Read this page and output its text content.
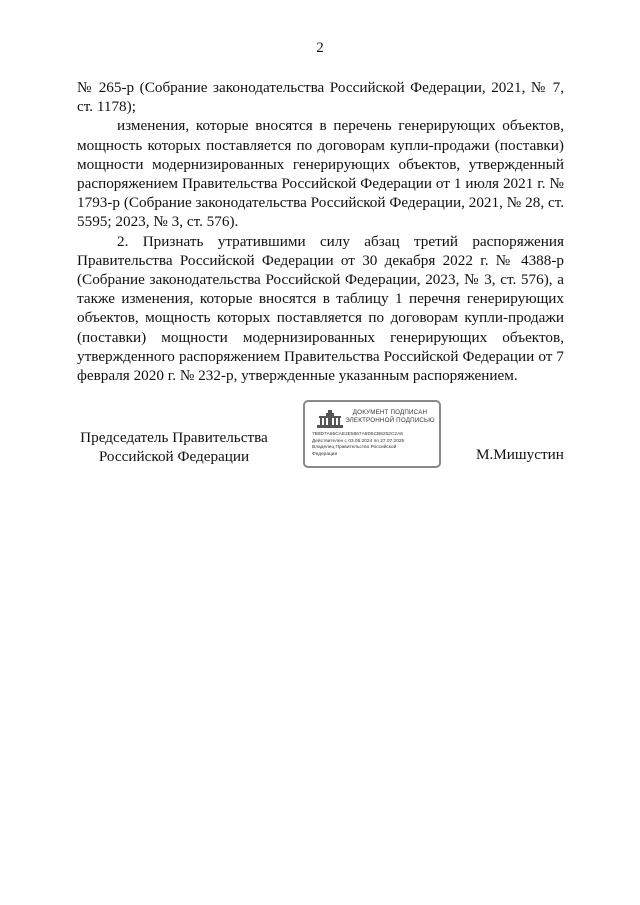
2

№ 265-р (Собрание законодательства Российской Федерации, 2021, № 7, ст. 1178);

изменения, которые вносятся в перечень генерирующих объектов, мощность которых поставляется по договорам купли-продажи (поставки) мощности модернизированных генерирующих объектов, утвержденный распоряжением Правительства Российской Федерации от 1 июля 2021 г. № 1793-р (Собрание законодательства Российской Федерации, 2021, № 28, ст. 5595; 2023, № 3, ст. 576).

2. Признать утратившими силу абзац третий распоряжения Правительства Российской Федерации от 30 декабря 2022 г. № 4388-р (Собрание законодательства Российской Федерации, 2023, № 3, ст. 576), а также изменения, которые вносятся в таблицу 1 перечня генерирующих объектов, мощность которых поставляется по договорам купли-продажи (поставки) мощности модернизированных генерирующих объектов, утвержденного распоряжением Правительства Российской Федерации от 7 февраля 2020 г. № 232-р, утвержденные указанным распоряжением.

Председатель Правительства
Российской Федерации	М.Мишустин
ДОКУМЕНТ ПОДПИСАН
ЭЛЕКТРОННОЙ ПОДПИСЬЮ
7B8D7A66CAE2E5867A8D5CB6252C2A6
Действителен с 03.05.2024 по 27.07.2025
Владелец Правительство Российской
Федерации
